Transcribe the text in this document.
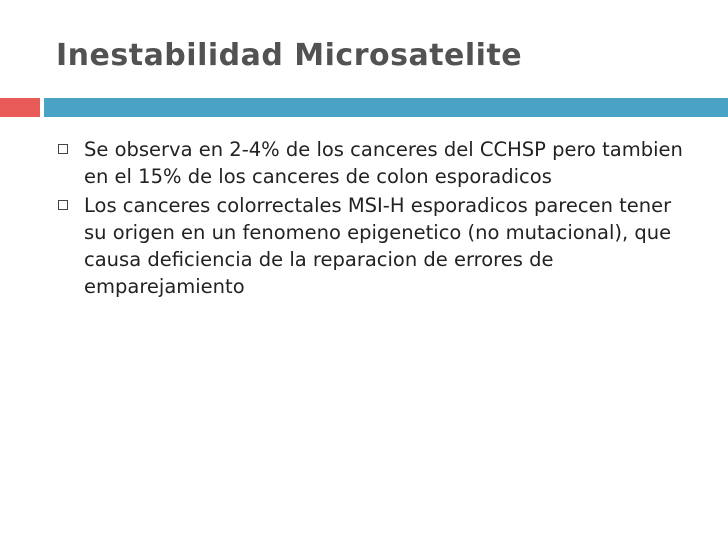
Inestabilidad Microsatelite
Se observa en 2-4% de los canceres del CCHSP pero tambien en el 15% de los canceres de colon esporadicos
Los canceres colorrectales MSI-H esporadicos parecen tener su origen en un fenomeno epigenetico (no mutacional), que causa deficiencia de la reparacion de errores de emparejamiento
